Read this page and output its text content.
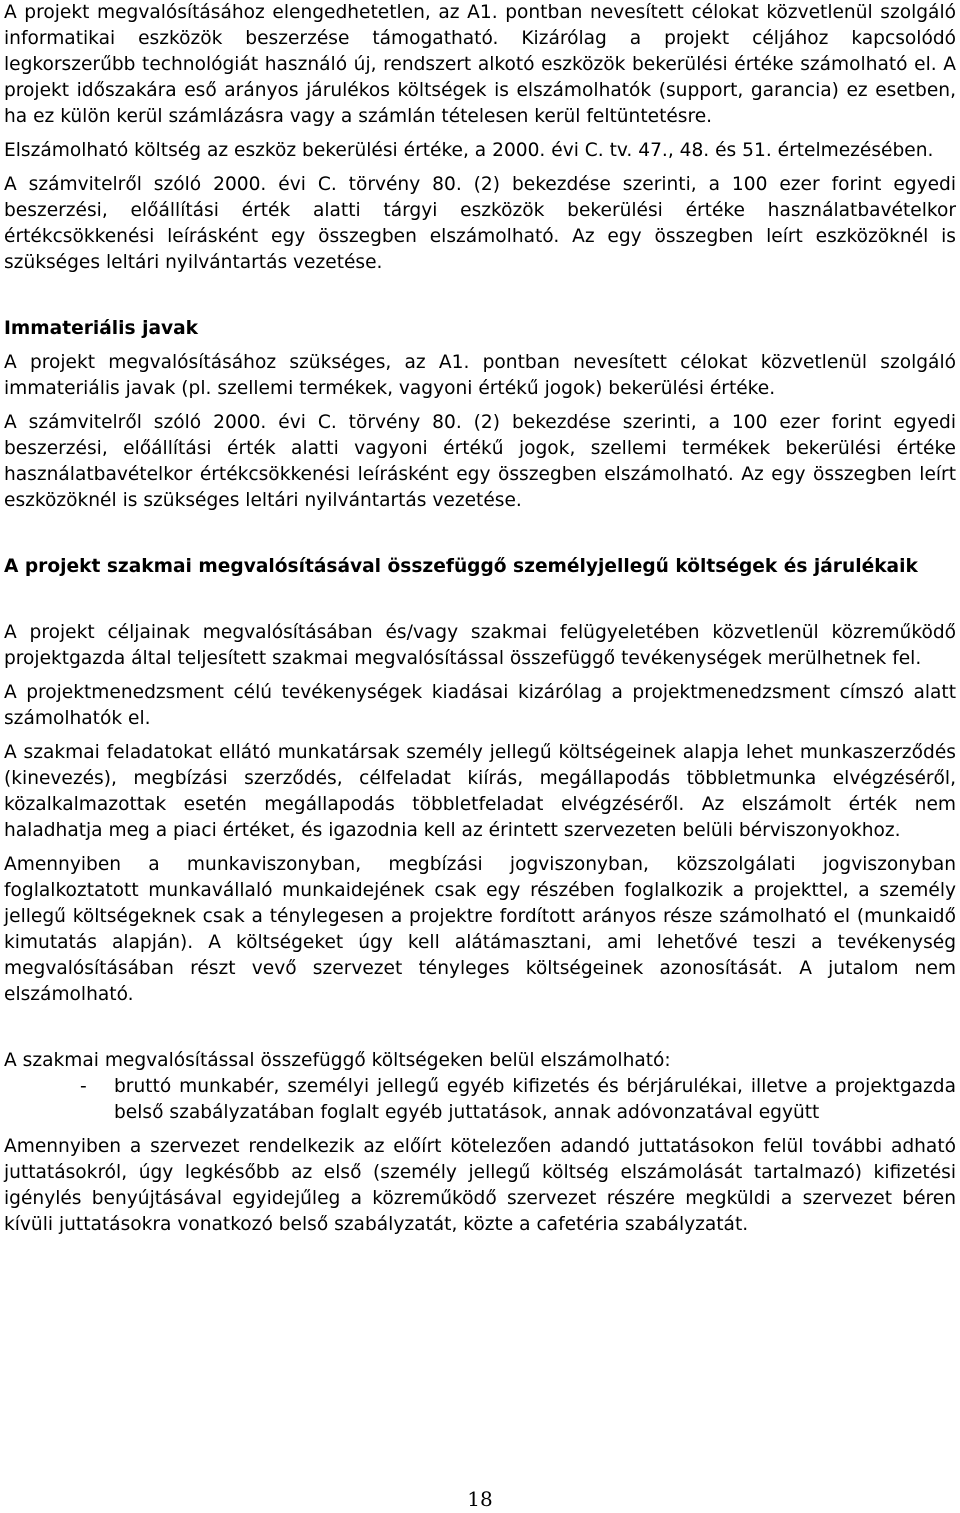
A projekt megvalósításához elengedhetetlen, az A1. pontban nevesített célokat közvetlenül szolgáló informatikai eszközök beszerzése támogatható. Kizárólag a projekt céljához kapcsolódó legkorszerűbb technológiát használó új, rendszert alkotó eszközök bekerülési értéke számolható el. A projekt időszakára eső arányos járulékos költségek is elszámolhatók (support, garancia) ez esetben, ha ez külön kerül számlázásra vagy a számlán tételesen kerül feltüntetésre.

Elszámolható költség az eszköz bekerülési értéke, a 2000. évi C. tv. 47., 48. és 51. értelmezésében.

A számvitelről szóló 2000. évi C. törvény 80. (2) bekezdése szerinti, a 100 ezer forint egyedi beszerzési, előállítási érték alatti tárgyi eszközök bekerülési értéke használatbavételkor értékcsökkenési leírásként egy összegben elszámolható. Az egy összegben leírt eszközöknél is szükséges leltári nyilvántartás vezetése.

Immateriális javak

A projekt megvalósításához szükséges, az A1. pontban nevesített célokat közvetlenül szolgáló immateriális javak (pl. szellemi termékek, vagyoni értékű jogok) bekerülési értéke.

A számvitelről szóló 2000. évi C. törvény 80. (2) bekezdése szerinti, a 100 ezer forint egyedi beszerzési, előállítási érték alatti vagyoni értékű jogok, szellemi termékek bekerülési értéke használatbavételkor értékcsökkenési leírásként egy összegben elszámolható. Az egy összegben leírt eszközöknél is szükséges leltári nyilvántartás vezetése.

A projekt szakmai megvalósításával összefüggő személyjellegű költségek és járulékaik

A projekt céljainak megvalósításában és/vagy szakmai felügyeletében közvetlenül közreműködő projektgazda által teljesített szakmai megvalósítással összefüggő tevékenységek merülhetnek fel.

A projektmenedzsment célú tevékenységek kiadásai kizárólag a projektmenedzsment címszó alatt számolhatók el.

A szakmai feladatokat ellátó munkatársak személy jellegű költségeinek alapja lehet munkaszerződés (kinevezés), megbízási szerződés, célfeladat kiírás, megállapodás többletmunka elvégzéséről, közalkalmazottak esetén megállapodás többletfeladat elvégzéséről. Az elszámolt érték nem haladhatja meg a piaci értéket, és igazodnia kell az érintett szervezeten belüli bérviszonyokhoz.

Amennyiben a munkaviszonyban, megbízási jogviszonyban, közszolgálati jogviszonyban foglalkoztatott munkavállaló munkaidejének csak egy részében foglalkozik a projekttel, a személy jellegű költségeknek csak a ténylegesen a projektre fordított arányos része számolható el (munkaidő kimutatás alapján). A költségeket úgy kell alátámasztani, ami lehetővé teszi a tevékenység megvalósításában részt vevő szervezet tényleges költségeinek azonosítását. A jutalom nem elszámolható.

A szakmai megvalósítással összefüggő költségeken belül elszámolható:

-	bruttó munkabér, személyi jellegű egyéb kifizetés és bérjárulékai, illetve a projektgazda belső szabályzatában foglalt egyéb juttatások, annak adóvonzatával együtt

Amennyiben a szervezet rendelkezik az előírt kötelezően adandó juttatásokon felül további adható juttatásokról, úgy legkésőbb az első (személy jellegű költség elszámolását tartalmazó) kifizetési igénylés benyújtásával egyidejűleg a közreműködő szervezet részére megküldi a szervezet béren kívüli juttatásokra vonatkozó belső szabályzatát, közte a cafetéria szabályzatát.

18
